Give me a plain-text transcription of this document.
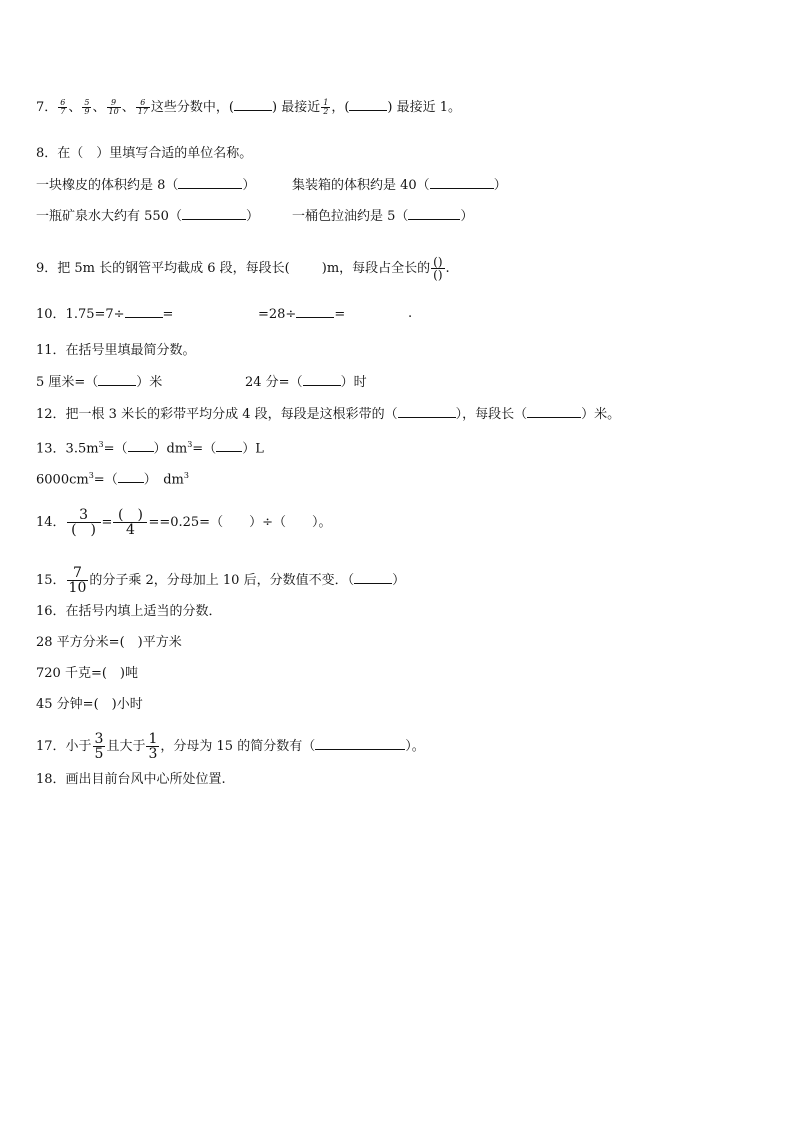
7． $\frac{6}{7}$ 、 $\frac{5}{9}$ 、 $\frac{9}{10}$ 、 $\frac{6}{17}$ 这些分数中，(	) 最接近 $\frac{1}{2}$ ，(	) 最接近 1。
8．在（　）里填写合适的单位名称。
一块橡皮的体积约是 8（	）	集装箱的体积约是 40（	）
一瓶矿泉水大约有 550（	）	一桶色拉油约是 5（	）
9．把 5m 长的钢管平均截成 6 段，每段长( )m，每段占全长的 $\frac{()}{()}$ .
10．1.75=7÷	=	=28÷	=	.
11．在括号里填最简分数。
5 厘米=（	）米	24 分=（	）时
12．把一根 3 米长的彩带平均分成 4 段，每段是这根彩带的（	），每段长（	）米。
13．$3.5m^3=$（ ）$dm^3=$（ ）L
$6000cm^3=$（ ）　$dm^3$
14． $\frac{3}{( )} = \frac{( )}{4} ==0.25=$（　　）÷（　　）。
15． $\frac{7}{10}$ 的分子乘 2，分母加上 10 后，分数值不变．（	）
16．在括号内填上适当的分数．
28 平方分米=(　)平方米
720 千克=(　)吨
45 分钟=(　)小时
17．小于 $\frac{3}{5}$ 且大于 $\frac{1}{3}$ ，分母为 15 的简分数有（	）。
18．画出目前台风中心所处位置.
